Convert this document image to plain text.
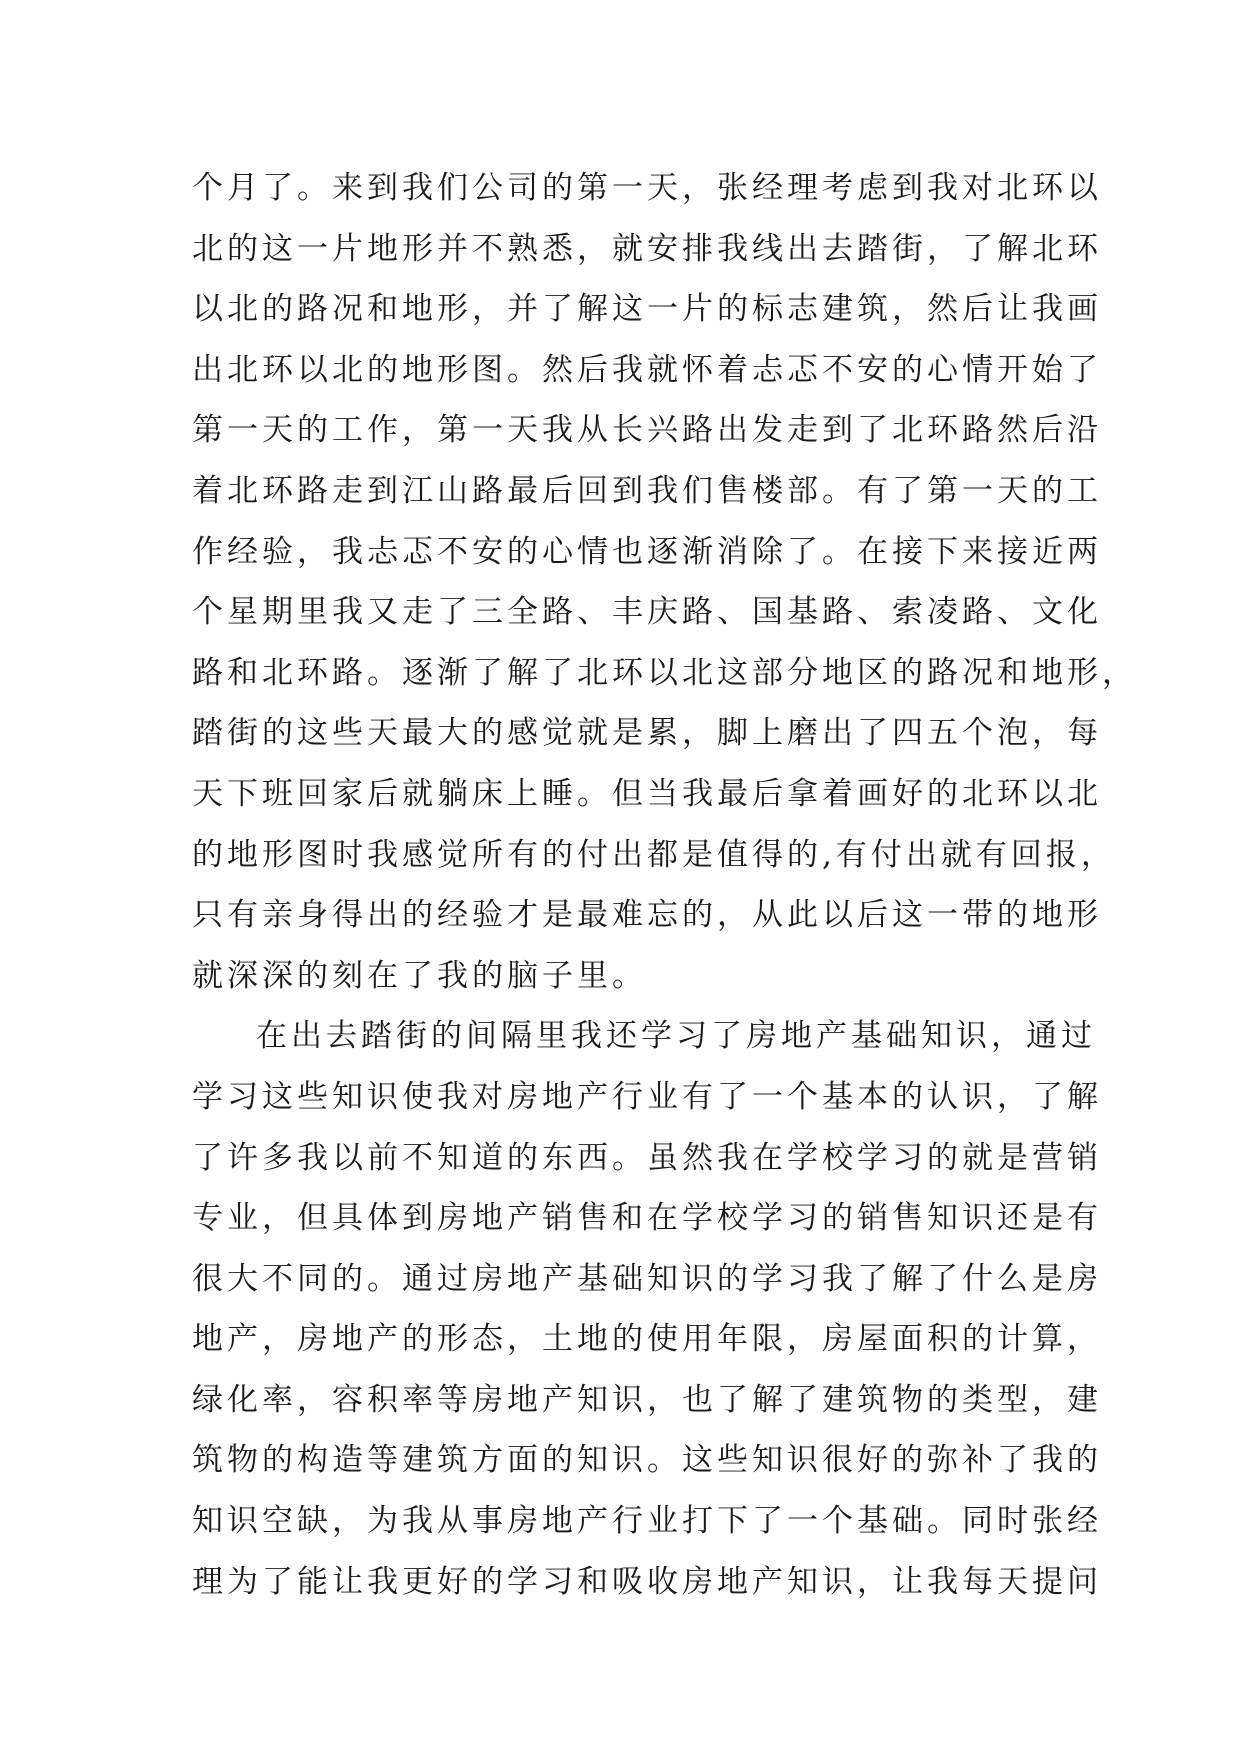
个月了。来到我们公司的第一天，张经理考虑到我对北环以
北的这一片地形并不熟悉，就安排我线出去踏街，了解北环
以北的路况和地形，并了解这一片的标志建筑，然后让我画
出北环以北的地形图。然后我就怀着忐忑不安的心情开始了
第一天的工作，第一天我从长兴路出发走到了北环路然后沿
着北环路走到江山路最后回到我们售楼部。有了第一天的工
作经验，我忐忑不安的心情也逐渐消除了。在接下来接近两
个星期里我又走了三全路、丰庆路、国基路、索凌路、文化
路和北环路。逐渐了解了北环以北这部分地区的路况和地形，
踏街的这些天最大的感觉就是累，脚上磨出了四五个泡，每
天下班回家后就躺床上睡。但当我最后拿着画好的北环以北
的地形图时我感觉所有的付出都是值得的,有付出就有回报，
只有亲身得出的经验才是最难忘的，从此以后这一带的地形
就深深的刻在了我的脑子里。
在出去踏街的间隔里我还学习了房地产基础知识，通过
学习这些知识使我对房地产行业有了一个基本的认识，了解
了许多我以前不知道的东西。虽然我在学校学习的就是营销
专业，但具体到房地产销售和在学校学习的销售知识还是有
很大不同的。通过房地产基础知识的学习我了解了什么是房
地产，房地产的形态，土地的使用年限，房屋面积的计算，
绿化率，容积率等房地产知识，也了解了建筑物的类型，建
筑物的构造等建筑方面的知识。这些知识很好的弥补了我的
知识空缺，为我从事房地产行业打下了一个基础。同时张经
理为了能让我更好的学习和吸收房地产知识，让我每天提问
